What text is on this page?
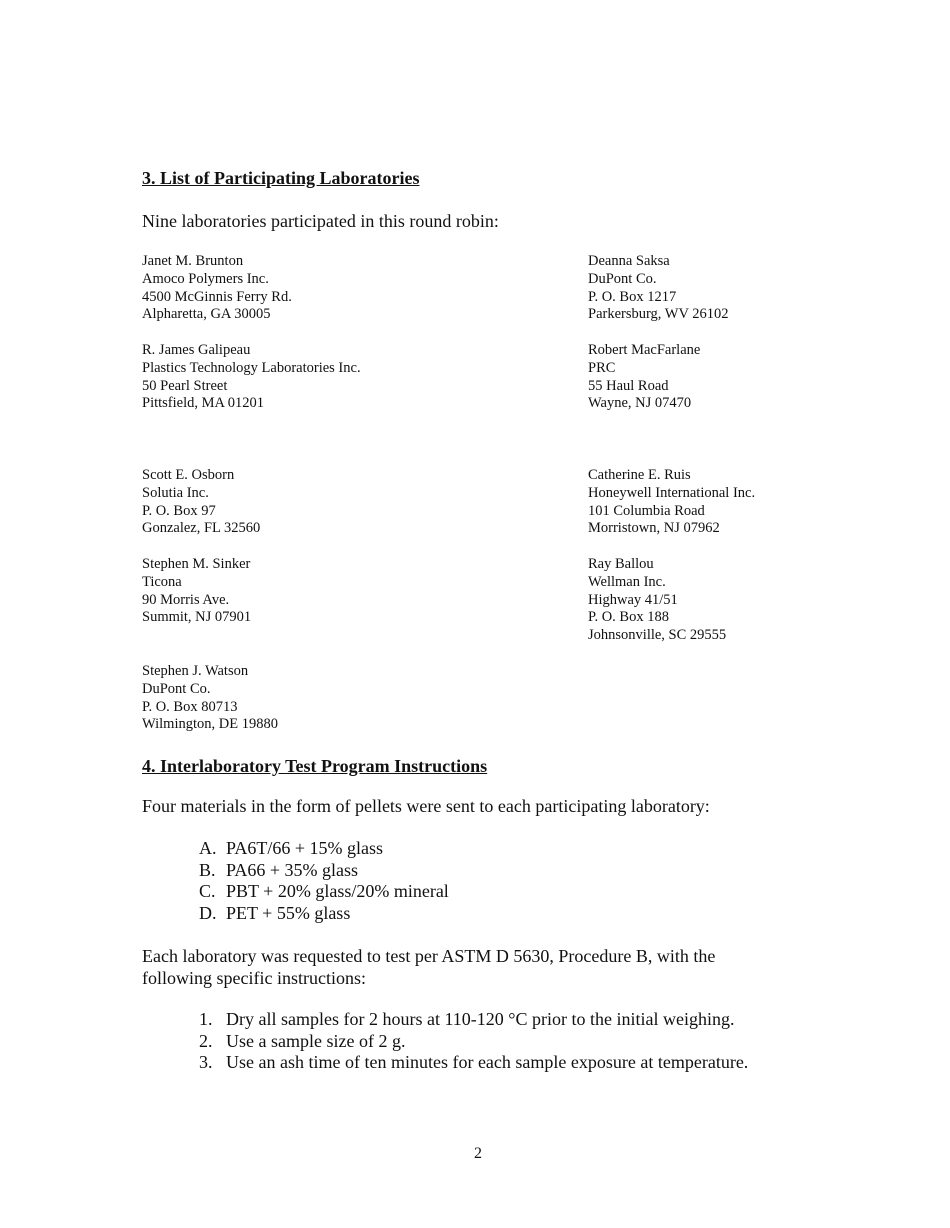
3. List of Participating Laboratories
Nine laboratories participated in this round robin:
Janet M. Brunton
Amoco Polymers Inc.
4500 McGinnis Ferry Rd.
Alpharetta, GA 30005
Deanna Saksa
DuPont Co.
P. O. Box 1217
Parkersburg, WV 26102
R. James Galipeau
Plastics Technology Laboratories Inc.
50 Pearl Street
Pittsfield, MA 01201
Robert MacFarlane
PRC
55 Haul Road
Wayne, NJ 07470
Scott E. Osborn
Solutia Inc.
P. O. Box 97
Gonzalez, FL 32560
Catherine E. Ruis
Honeywell International Inc.
101 Columbia Road
Morristown, NJ 07962
Stephen M. Sinker
Ticona
90 Morris Ave.
Summit, NJ 07901
Ray Ballou
Wellman Inc.
Highway 41/51
P. O. Box 188
Johnsonville, SC 29555
Stephen J. Watson
DuPont Co.
P. O. Box 80713
Wilmington, DE 19880
4. Interlaboratory Test Program Instructions
Four materials in the form of pellets were sent to each participating laboratory:
A. PA6T/66 + 15% glass
B. PA66 + 35% glass
C. PBT + 20% glass/20% mineral
D. PET + 55% glass
Each laboratory was requested to test per ASTM D 5630, Procedure B, with the following specific instructions:
1. Dry all samples for 2 hours at 110-120 °C prior to the initial weighing.
2. Use a sample size of 2 g.
3. Use an ash time of ten minutes for each sample exposure at temperature.
2
